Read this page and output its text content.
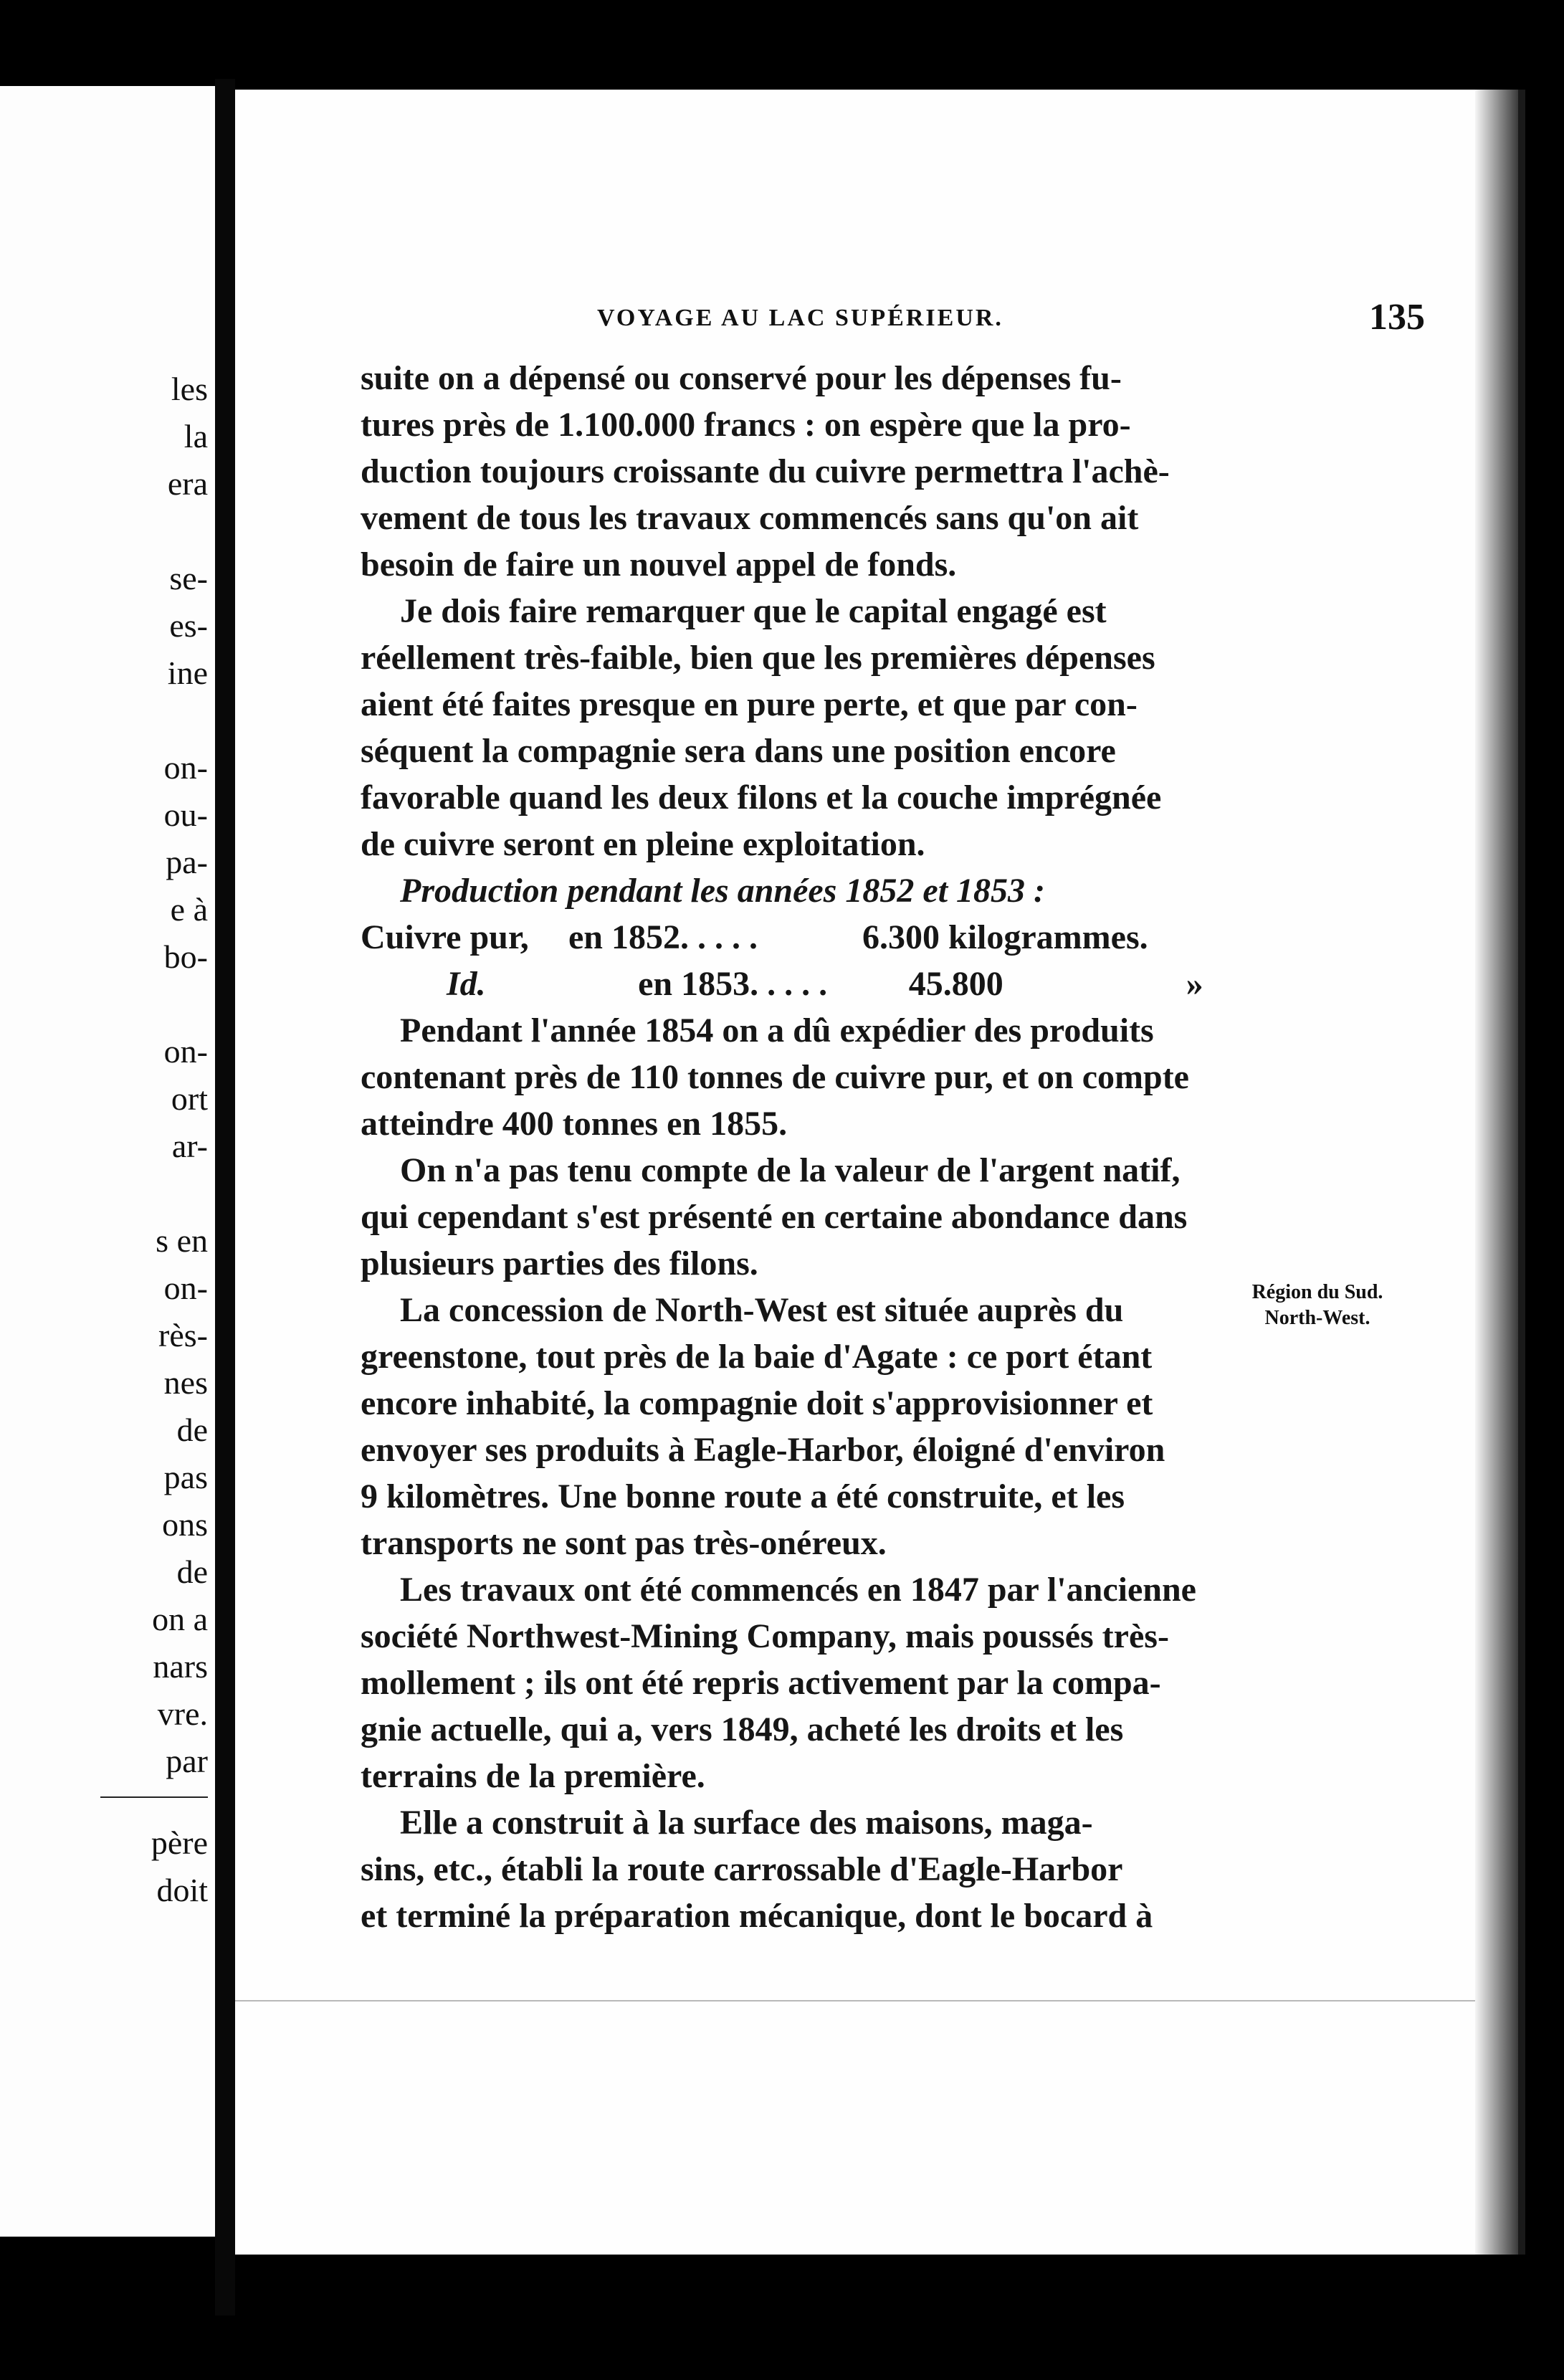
les
la
era
se-
es-
ine
on-
ou-
pa-
e à
bo-
on-
ort
ar-
s en
on-
rès-
nes
de
pas
ons
de
on a
nars
vre.
par
père
doit
VOYAGE AU LAC SUPÉRIEUR.	135
suite on a dépensé ou conservé pour les dépenses fu-
tures près de 1.100.000 francs : on espère que la pro-
duction toujours croissante du cuivre permettra l'achè-
vement de tous les travaux commencés sans qu'on ait
besoin de faire un nouvel appel de fonds.
Je dois faire remarquer que le capital engagé est
réellement très-faible, bien que les premières dépenses
aient été faites presque en pure perte, et que par con-
séquent la compagnie sera dans une position encore
favorable quand les deux filons et la couche imprégnée
de cuivre seront en pleine exploitation.
Production pendant les années 1852 et 1853 :
Cuivre pur,	en 1852. . . . .	6.300 kilogrammes.
Id.	en 1853. . . . .	45.800	»
Pendant l'année 1854 on a dû expédier des produits
contenant près de 110 tonnes de cuivre pur, et on compte
atteindre 400 tonnes en 1855.
On n'a pas tenu compte de la valeur de l'argent natif,
qui cependant s'est présenté en certaine abondance dans
plusieurs parties des filons.
La concession de North-West est située auprès du
greenstone, tout près de la baie d'Agate : ce port étant
encore inhabité, la compagnie doit s'approvisionner et
envoyer ses produits à Eagle-Harbor, éloigné d'environ
9 kilomètres. Une bonne route a été construite, et les
transports ne sont pas très-onéreux.
Les travaux ont été commencés en 1847 par l'ancienne
société Northwest-Mining Company, mais poussés très-
mollement ; ils ont été repris activement par la compa-
gnie actuelle, qui a, vers 1849, acheté les droits et les
terrains de la première.
Elle a construit à la surface des maisons, maga-
sins, etc., établi la route carrossable d'Eagle-Harbor
et terminé la préparation mécanique, dont le bocard à
Région du Sud.
North-West.
